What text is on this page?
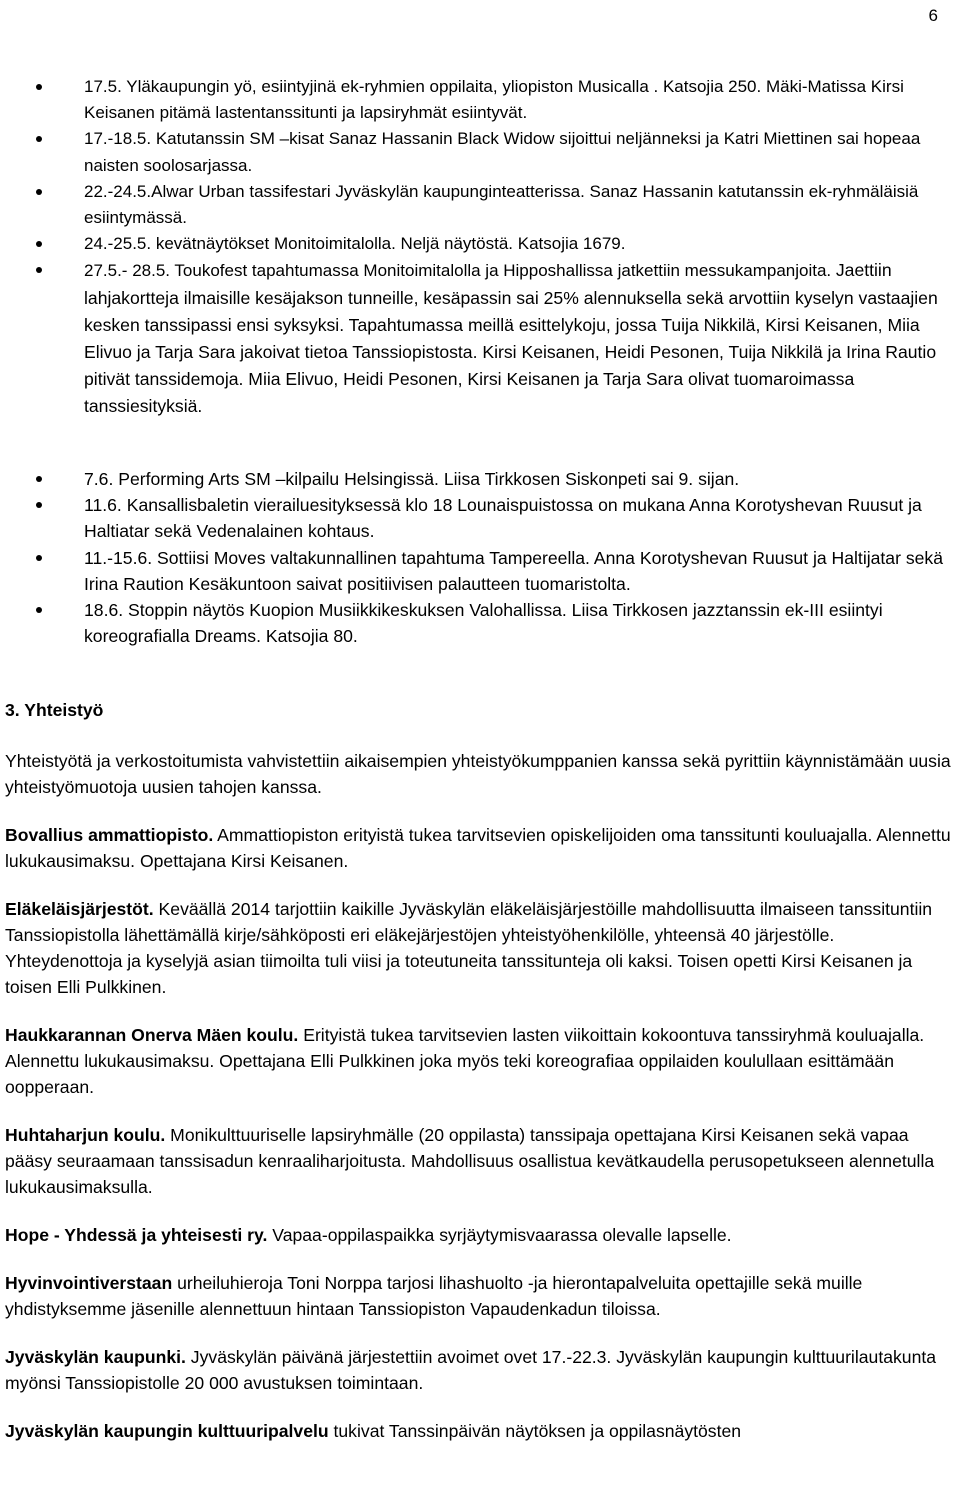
6
17.5. Yläkaupungin yö, esiintyjinä ek-ryhmien oppilaita, yliopiston Musicalla . Katsojia 250. Mäki-Matissa Kirsi Keisanen pitämä lastentanssitunti ja lapsiryhmät esiintyvät.
17.-18.5. Katutanssin SM –kisat Sanaz Hassanin Black Widow sijoittui neljänneksi ja Katri Miettinen sai hopeaa naisten soolosarjassa.
22.-24.5.Alwar Urban tassifestari Jyväskylän kaupunginteatterissa. Sanaz Hassanin katutanssin ek-ryhmäläisiä esiintymässä.
24.-25.5. kevätnäytökset Monitoimitalolla. Neljä näytöstä. Katsojia 1679.
27.5.- 28.5. Toukofest tapahtumassa Monitoimitalolla ja Hipposhallissa jatkettiin messukampanjoita. Jaettiin lahjakortteja ilmaisille kesäjakson tunneille, kesäpassin sai 25% alennuksella sekä arvottiin kyselyn vastaajien kesken tanssipassi ensi syksyksi. Tapahtumassa meillä esittelykoju, jossa Tuija Nikkilä, Kirsi Keisanen, Miia Elivuo ja Tarja Sara jakoivat tietoa Tanssiopistosta. Kirsi Keisanen, Heidi Pesonen, Tuija Nikkilä ja Irina Rautio pitivät tanssidemoja. Miia Elivuo, Heidi Pesonen, Kirsi Keisanen ja Tarja Sara olivat tuomaroimassa tanssiesityksiä.
7.6. Performing Arts SM –kilpailu Helsingissä. Liisa Tirkkosen Siskonpeti sai 9. sijan.
11.6. Kansallisbaletin vierailuesityksessä klo 18 Lounaispuistossa on mukana Anna Korotyshevan Ruusut ja Haltiatar sekä Vedenalainen kohtaus.
11.-15.6. Sottiisi Moves valtakunnallinen tapahtuma Tampereella. Anna Korotyshevan Ruusut ja Haltijatar sekä Irina Raution Kesäkuntoon saivat positiivisen palautteen tuomaristolta.
18.6. Stoppin näytös Kuopion Musiikkikeskuksen Valohallissa. Liisa Tirkkosen jazztanssin ek-III esiintyi koreografialla Dreams. Katsojia 80.
3. Yhteistyö

Yhteistyötä ja verkostoitumista vahvistettiin aikaisempien yhteistyökumppanien kanssa sekä pyrittiin käynnistämään uusia yhteistyömuotoja uusien tahojen kanssa.

Bovallius ammattiopisto. Ammattiopiston erityistä tukea tarvitsevien opiskelijoiden oma tanssitunti kouluajalla. Alennettu lukukausimaksu. Opettajana Kirsi Keisanen.

Eläkeläisjärjestöt. Keväällä 2014 tarjottiin kaikille Jyväskylän eläkeläisjärjestöille mahdollisuutta ilmaiseen tanssituntiin Tanssiopistolla lähettämällä kirje/sähköposti eri eläkejärjestöjen yhteistyöhenkilölle, yhteensä 40 järjestölle. Yhteydenottoja ja kyselyjä asian tiimoilta tuli viisi ja toteutuneita tanssitunteja oli kaksi. Toisen opetti Kirsi Keisanen ja toisen Elli Pulkkinen.

Haukkarannan Onerva Mäen koulu. Erityistä tukea tarvitsevien lasten viikoittain kokoontuva tanssiryhmä kouluajalla. Alennettu lukukausimaksu. Opettajana Elli Pulkkinen joka myös teki koreografiaa oppilaiden koulullaan esittämään oopperaan.

Huhtaharjun koulu. Monikulttuuriselle lapsiryhmälle (20 oppilasta) tanssipaja opettajana Kirsi Keisanen sekä vapaa pääsy seuraamaan tanssisadun kenraaliharjoitusta. Mahdollisuus osallistua kevätkaudella perusopetukseen alennetulla lukukausimaksulla.

Hope - Yhdessä ja yhteisesti ry. Vapaa-oppilaspaikka syrjäytymisvaarassa olevalle lapselle.

Hyvinvointiverstaan urheiluhieroja Toni Norppa tarjosi lihashuolto -ja hierontapalveluita opettajille sekä muille yhdistyksemme jäsenille alennettuun hintaan Tanssiopiston Vapaudenkadun tiloissa.

Jyväskylän kaupunki. Jyväskylän päivänä järjestettiin avoimet ovet 17.-22.3. Jyväskylän kaupungin kulttuurilautakunta myönsi Tanssiopistolle 20 000 avustuksen toimintaan.

Jyväskylän kaupungin kulttuuripalvelu tukivat Tanssinpäivän näytöksen ja oppilasnäytösten
